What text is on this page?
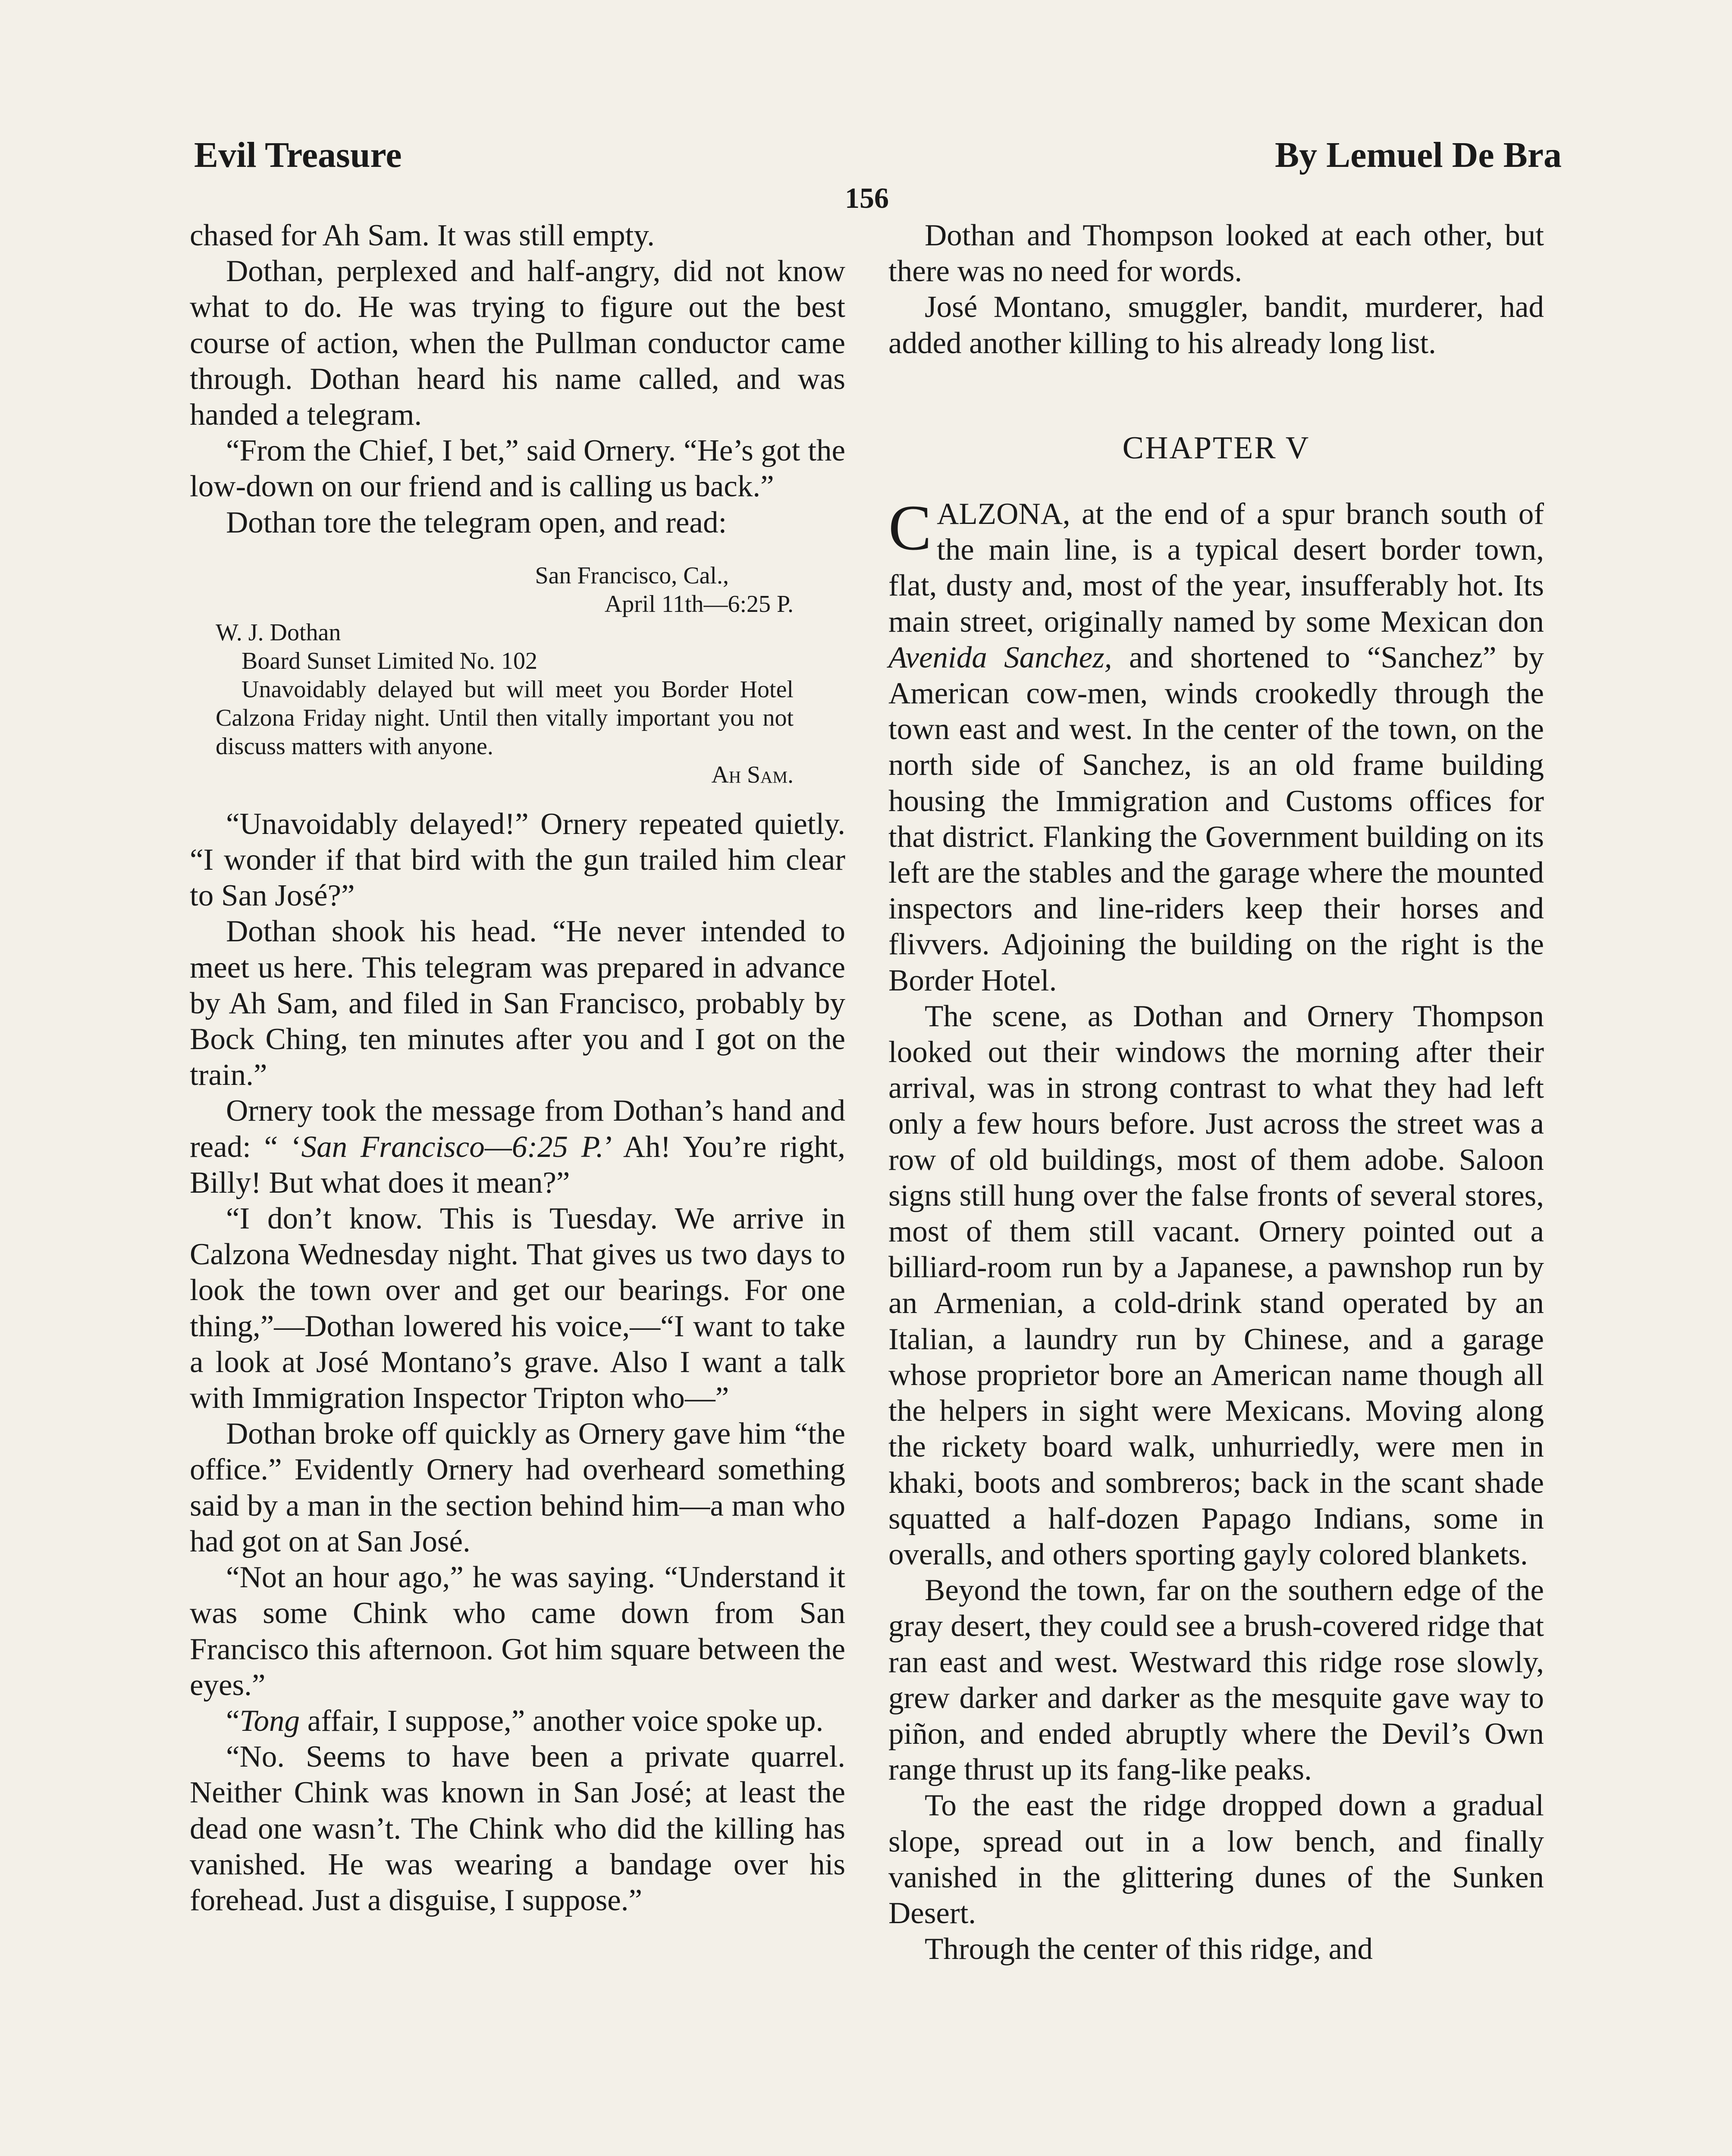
Evil Treasure	By Lemuel De Bra
156

chased for Ah Sam. It was still empty.

Dothan, perplexed and half-angry, did not know what to do. He was trying to figure out the best course of action, when the Pullman conductor came through. Dothan heard his name called, and was handed a telegram.

“From the Chief, I bet,” said Ornery. “He’s got the low-down on our friend and is calling us back.”

Dothan tore the telegram open, and read:

San Francisco, Cal.,
April 11th—6:25 P.
W. J. Dothan
Board Sunset Limited No. 102
Unavoidably delayed but will meet you Border Hotel Calzona Friday night. Until then vitally important you not discuss matters with anyone.
Ah Sam.

“Unavoidably delayed!” Ornery repeated quietly. “I wonder if that bird with the gun trailed him clear to San José?”

Dothan shook his head. “He never intended to meet us here. This telegram was prepared in advance by Ah Sam, and filed in San Francisco, probably by Bock Ching, ten minutes after you and I got on the train.”

Ornery took the message from Dothan’s hand and read: “ ‘San Francisco—6:25 P.’ Ah! You’re right, Billy! But what does it mean?”

“I don’t know. This is Tuesday. We arrive in Calzona Wednesday night. That gives us two days to look the town over and get our bearings. For one thing,”—Dothan lowered his voice,—“I want to take a look at José Montano’s grave. Also I want a talk with Immigration Inspector Tripton who—”

Dothan broke off quickly as Ornery gave him “the office.” Evidently Ornery had overheard something said by a man in the section behind him—a man who had got on at San José.

“Not an hour ago,” he was saying. “Understand it was some Chink who came down from San Francisco this afternoon. Got him square between the eyes.”

“Tong affair, I suppose,” another voice spoke up.

“No. Seems to have been a private quarrel. Neither Chink was known in San José; at least the dead one wasn’t. The Chink who did the killing has vanished. He was wearing a bandage over his forehead. Just a disguise, I suppose.”

Dothan and Thompson looked at each other, but there was no need for words.

José Montano, smuggler, bandit, murderer, had added another killing to his already long list.

CHAPTER V

CALZONA, at the end of a spur branch south of the main line, is a typical desert border town, flat, dusty and, most of the year, insufferably hot. Its main street, originally named by some Mexican don Avenida Sanchez, and shortened to “Sanchez” by American cow-men, winds crookedly through the town east and west. In the center of the town, on the north side of Sanchez, is an old frame building housing the Immigration and Customs offices for that district. Flanking the Government building on its left are the stables and the garage where the mounted inspectors and line-riders keep their horses and flivvers. Adjoining the building on the right is the Border Hotel.

The scene, as Dothan and Ornery Thompson looked out their windows the morning after their arrival, was in strong contrast to what they had left only a few hours before. Just across the street was a row of old buildings, most of them adobe. Saloon signs still hung over the false fronts of several stores, most of them still vacant. Ornery pointed out a billiard-room run by a Japanese, a pawnshop run by an Armenian, a cold-drink stand operated by an Italian, a laundry run by Chinese, and a garage whose proprietor bore an American name though all the helpers in sight were Mexicans. Moving along the rickety board walk, unhurriedly, were men in khaki, boots and sombreros; back in the scant shade squatted a half-dozen Papago Indians, some in overalls, and others sporting gayly colored blankets.

Beyond the town, far on the southern edge of the gray desert, they could see a brush-covered ridge that ran east and west. Westward this ridge rose slowly, grew darker and darker as the mesquite gave way to piñon, and ended abruptly where the Devil’s Own range thrust up its fang-like peaks.

To the east the ridge dropped down a gradual slope, spread out in a low bench, and finally vanished in the glittering dunes of the Sunken Desert.

Through the center of this ridge, and
